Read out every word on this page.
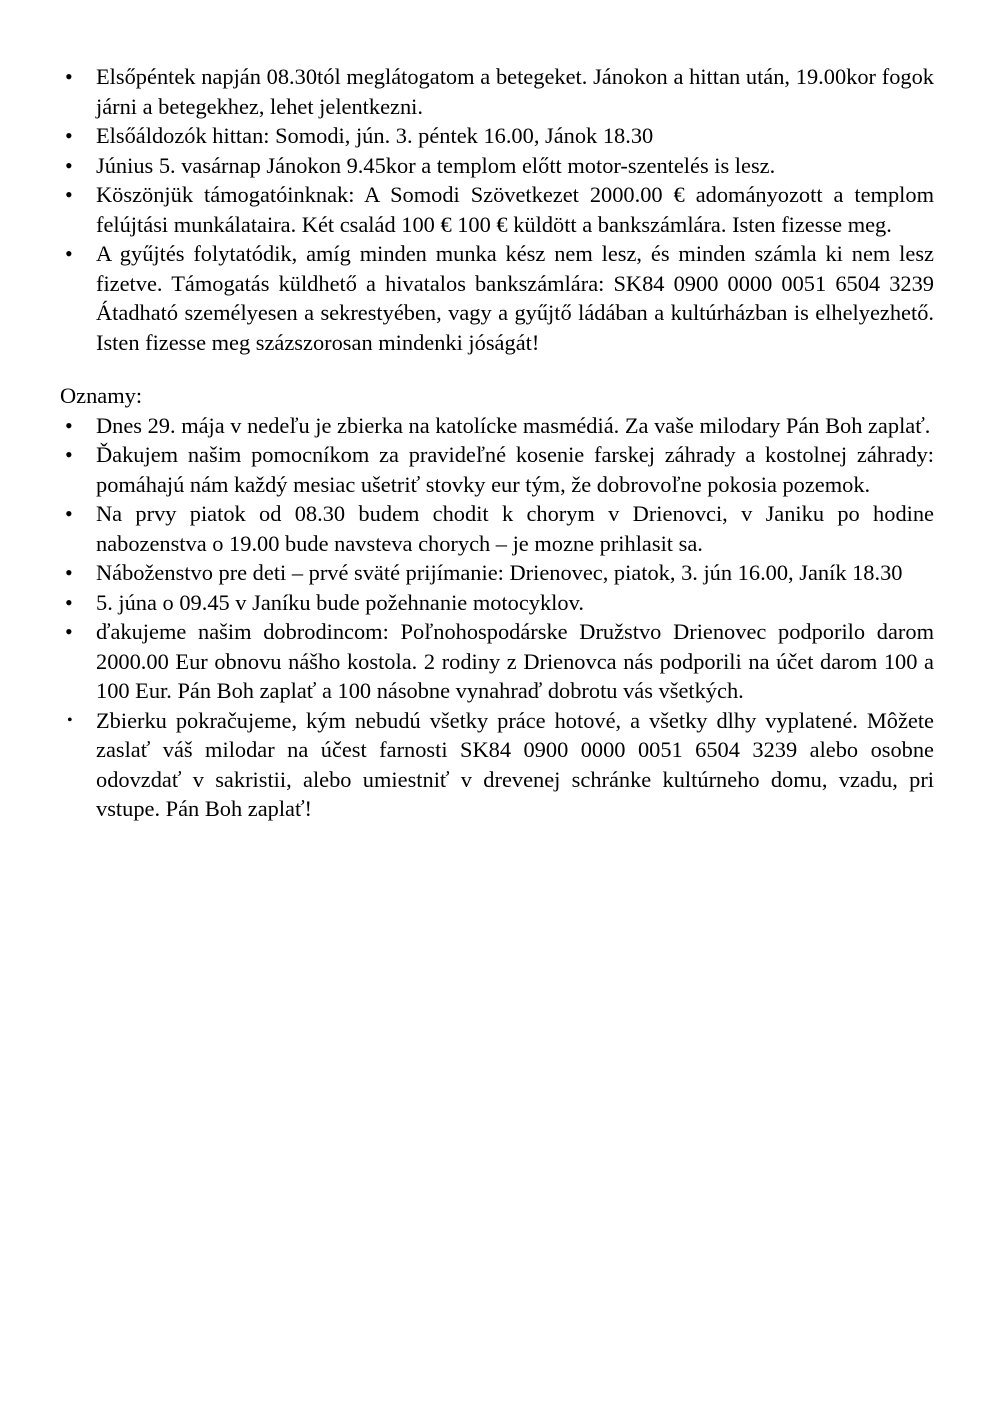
• Elsőpéntek napján 08.30tól meglátogatom a betegeket. Jánokon a hittan után, 19.00kor fogok járni a betegekhez, lehet jelentkezni.
• Elsőáldozók hittan: Somodi, jún. 3. péntek 16.00, Jánok 18.30
• Június 5. vasárnap Jánokon 9.45kor a templom előtt motor-szentelés is lesz.
• Köszönjük támogatóinknak: A Somodi Szövetkezet 2000.00 € adományozott a templom felújtási munkálataira. Két család 100 € 100 € küldött a bankszámlára. Isten fizesse meg.
• A gyűjtés folytatódik, amíg minden munka kész nem lesz, és minden számla ki nem lesz fizetve. Támogatás küldhető a hivatalos bankszámlára: SK84 0900 0000 0051 6504 3239 Átadható személyesen a sekrestyében, vagy a gyűjtő ládában a kultúrházban is elhelyezhető. Isten fizesse meg százszorosan mindenki jóságát!
Oznamy:
• Dnes 29. mája v nedeľu je zbierka na katolícke masmédiá. Za vaše milodary Pán Boh zaplať.
• Ďakujem našim pomocníkom za pravideľné kosenie farskej záhrady a kostolnej záhrady: pomáhajú nám každý mesiac ušetriť stovky eur tým, že dobrovoľne pokosia pozemok.
• Na prvy piatok od 08.30 budem chodit k chorym v Drienovci, v Janiku po hodine nabozenstva o 19.00 bude navsteva chorych – je mozne prihlasit sa.
• Náboženstvo pre deti – prvé sväté prijímanie: Drienovec, piatok, 3. jún 16.00, Janík 18.30
• 5. júna o 09.45 v Janíku bude požehnanie motocyklov.
• ďakujeme našim dobrodincom: Poľnohospodárske Družstvo Drienovec podporilo darom 2000.00 Eur obnovu nášho kostola. 2 rodiny z Drienovca nás podporili na účet darom 100 a 100 Eur. Pán Boh zaplať a 100 násobne vynahraď dobrotu vás všetkých.
• Zbierku pokračujeme, kým nebudú všetky práce hotové, a všetky dlhy vyplatené. Môžete zaslať váš milodar na účest farnosti SK84 0900 0000 0051 6504 3239 alebo osobne odovzdať v sakristii, alebo umiestniť v drevenej schránke kultúrneho domu, vzadu, pri vstupe. Pán Boh zaplať!
